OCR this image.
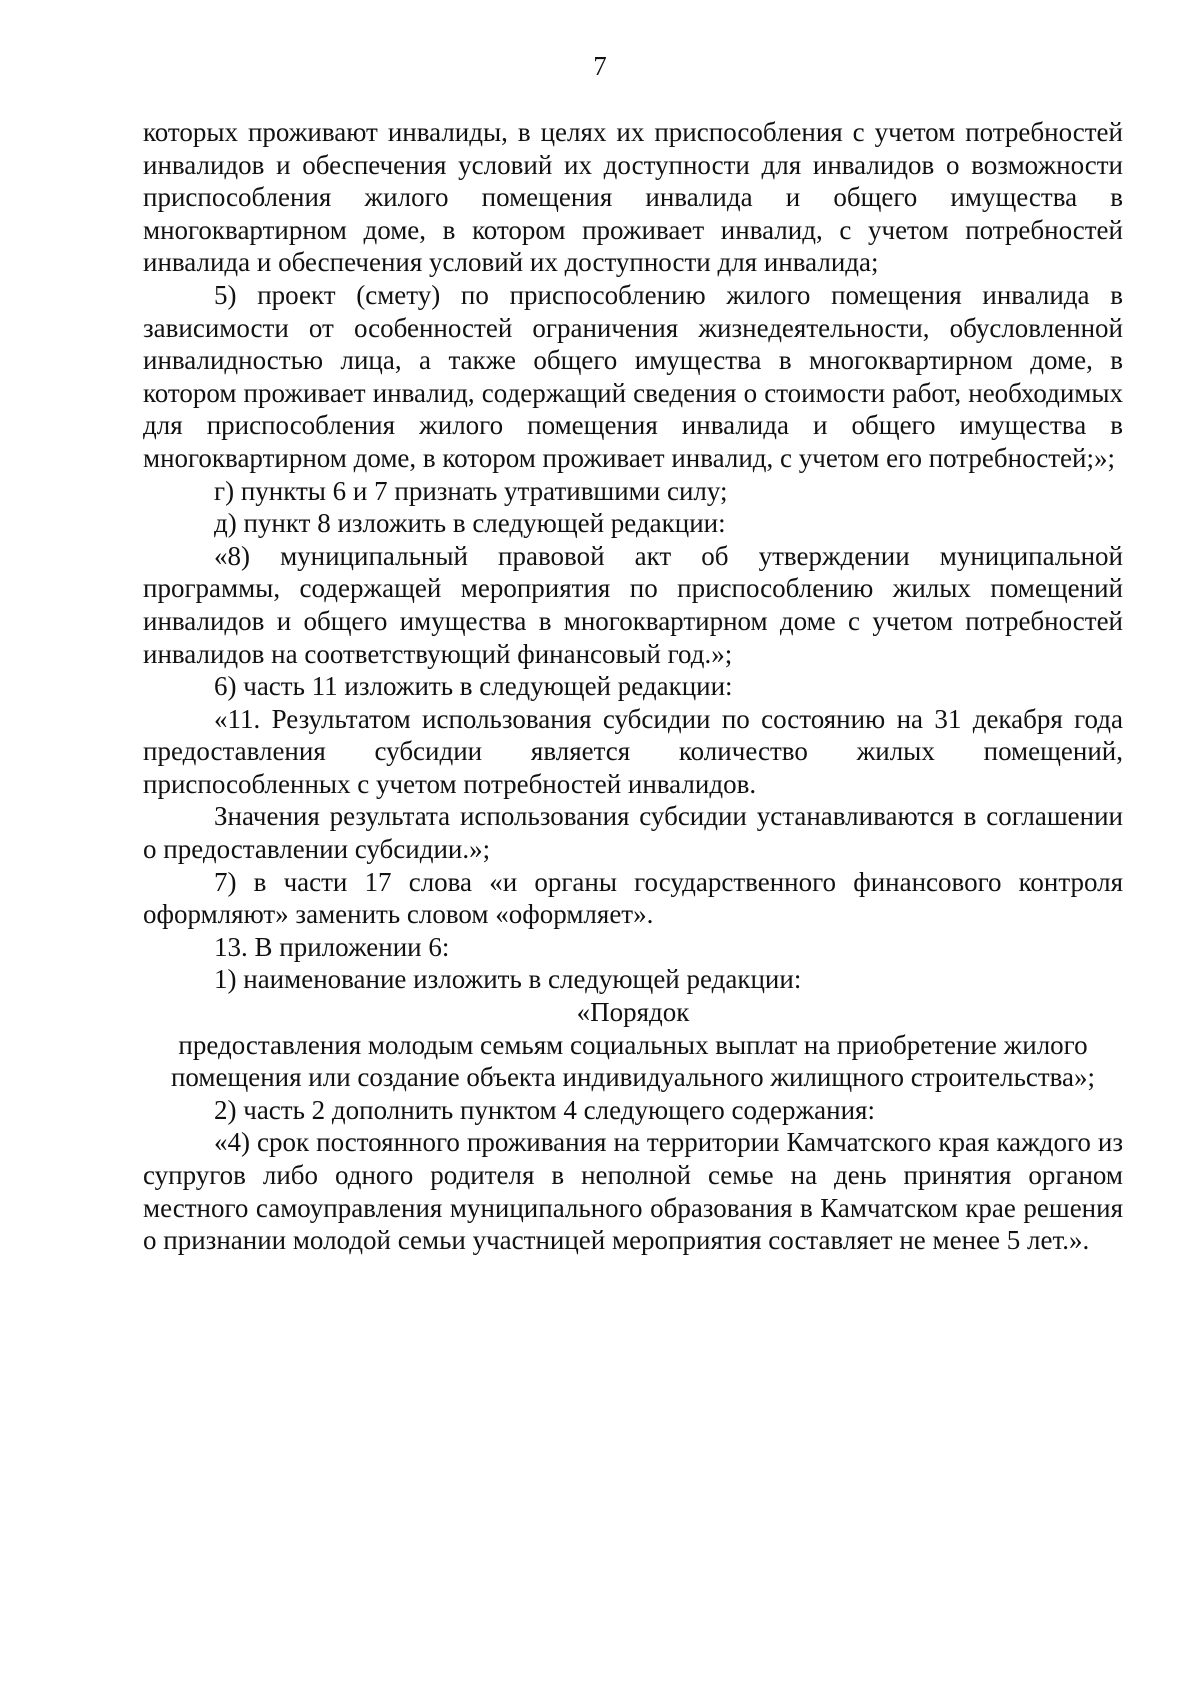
7

которых проживают инвалиды, в целях их приспособления с учетом потребностей инвалидов и обеспечения условий их доступности для инвалидов о возможности приспособления жилого помещения инвалида и общего имущества в многоквартирном доме, в котором проживает инвалид, с учетом потребностей инвалида и обеспечения условий их доступности для инвалида;

5) проект (смету) по приспособлению жилого помещения инвалида в зависимости от особенностей ограничения жизнедеятельности, обусловленной инвалидностью лица, а также общего имущества в многоквартирном доме, в котором проживает инвалид, содержащий сведения о стоимости работ, необходимых для приспособления жилого помещения инвалида и общего имущества в многоквартирном доме, в котором проживает инвалид, с учетом его потребностей;»;

г) пункты 6 и 7 признать утратившими силу;

д) пункт 8 изложить в следующей редакции:

«8) муниципальный правовой акт об утверждении муниципальной программы, содержащей мероприятия по приспособлению жилых помещений инвалидов и общего имущества в многоквартирном доме с учетом потребностей инвалидов на соответствующий финансовый год.»;

6) часть 11 изложить в следующей редакции:

«11. Результатом использования субсидии по состоянию на 31 декабря года предоставления субсидии является количество жилых помещений, приспособленных с учетом потребностей инвалидов.

Значения результата использования субсидии устанавливаются в соглашении о предоставлении субсидии.»;

7) в части 17 слова «и органы государственного финансового контроля оформляют» заменить словом «оформляет».

13. В приложении 6:

1) наименование изложить в следующей редакции:

«Порядок

предоставления молодым семьям социальных выплат на приобретение жилого помещения или создание объекта индивидуального жилищного строительства»;

2) часть 2 дополнить пунктом 4 следующего содержания:

«4) срок постоянного проживания на территории Камчатского края каждого из супругов либо одного родителя в неполной семье на день принятия органом местного самоуправления муниципального образования в Камчатском крае решения о признании молодой семьи участницей мероприятия составляет не менее 5 лет.».
